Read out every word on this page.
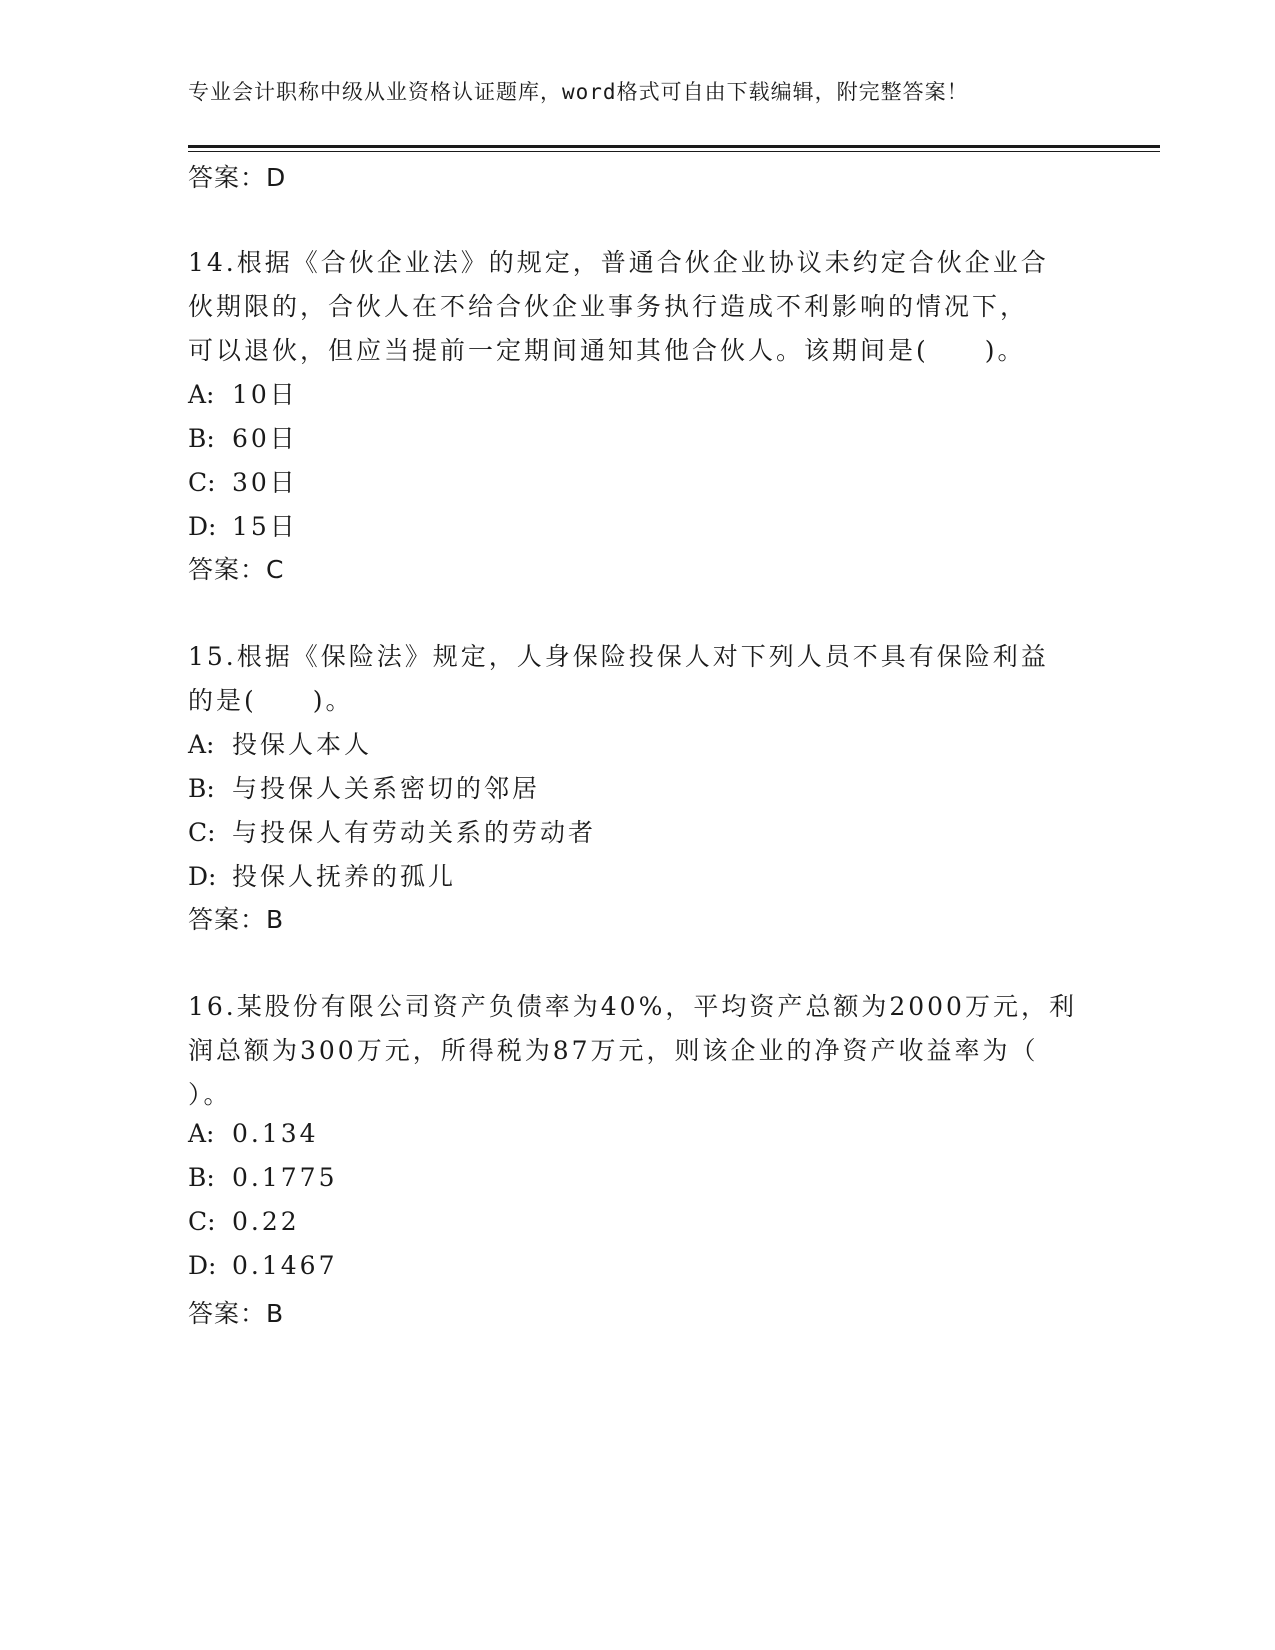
专业会计职称中级从业资格认证题库，word格式可自由下载编辑，附完整答案！
答案：D
14.根据《合伙企业法》的规定，普通合伙企业协议未约定合伙企业合
伙期限的，合伙人在不给合伙企业事务执行造成不利影响的情况下，
可以退伙，但应当提前一定期间通知其他合伙人。该期间是(　　)。
A: 10日
B: 60日
C: 30日
D: 15日
答案：C
15.根据《保险法》规定，人身保险投保人对下列人员不具有保险利益
的是(　　)。
A: 投保人本人
B: 与投保人关系密切的邻居
C: 与投保人有劳动关系的劳动者
D: 投保人抚养的孤儿
答案：B
16.某股份有限公司资产负债率为40%，平均资产总额为2000万元，利
润总额为300万元，所得税为87万元，则该企业的净资产收益率为（
）。
A: 0.134
B: 0.1775
C: 0.22
D: 0.1467
答案：B
